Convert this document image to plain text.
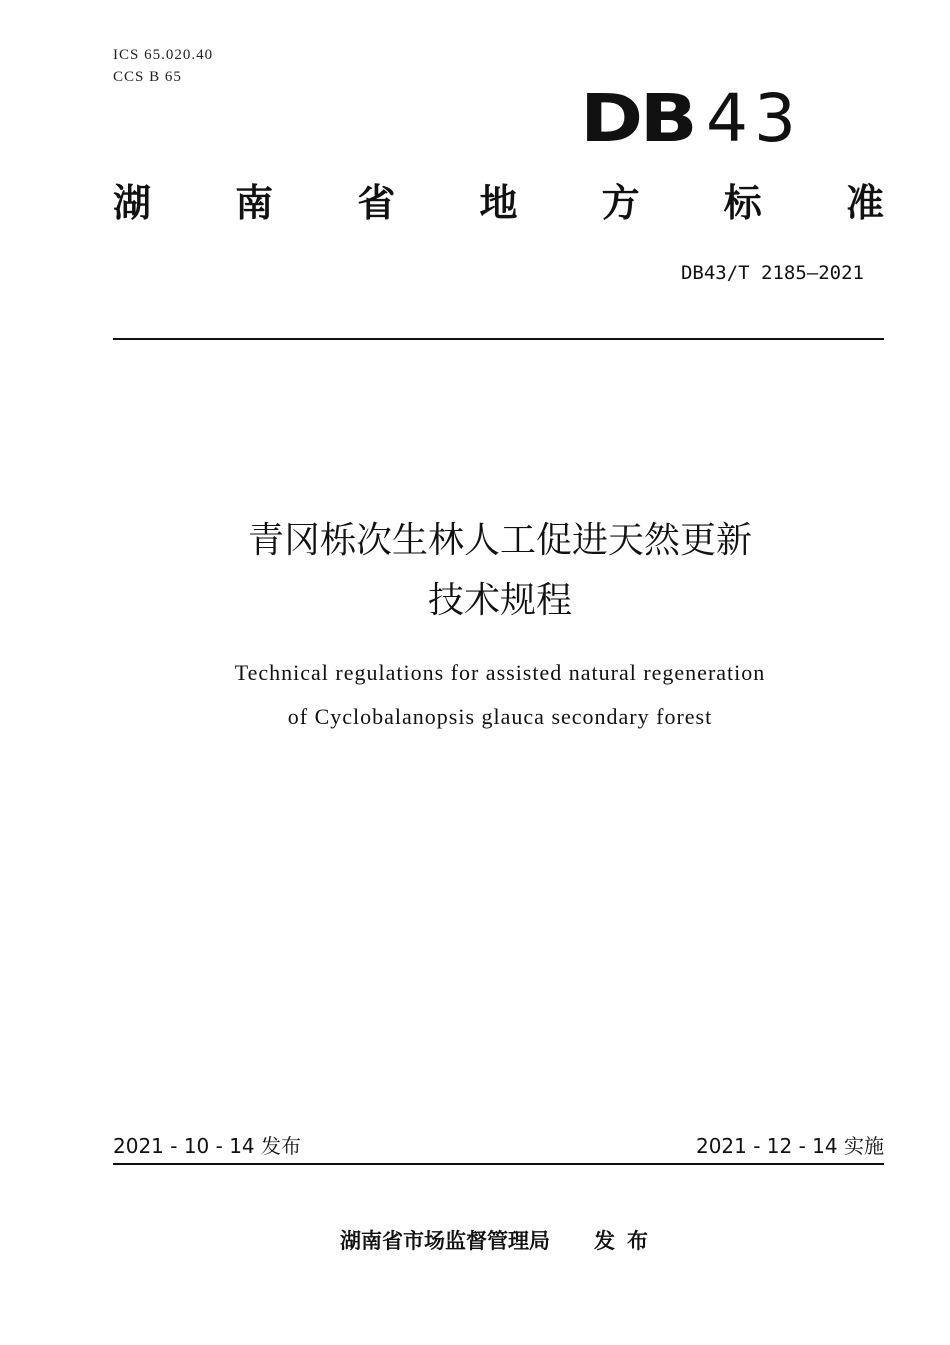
ICS 65.020.40
CCS B 65
DB 43
湖 南 省 地 方 标 准
DB43/T 2185—2021
青冈栎次生林人工促进天然更新
技术规程
Technical regulations for assisted natural regeneration
of Cyclobalanopsis glauca secondary forest
2021 - 10 - 14 发布	2021 - 12 - 14 实施
湖南省市场监督管理局 发布
